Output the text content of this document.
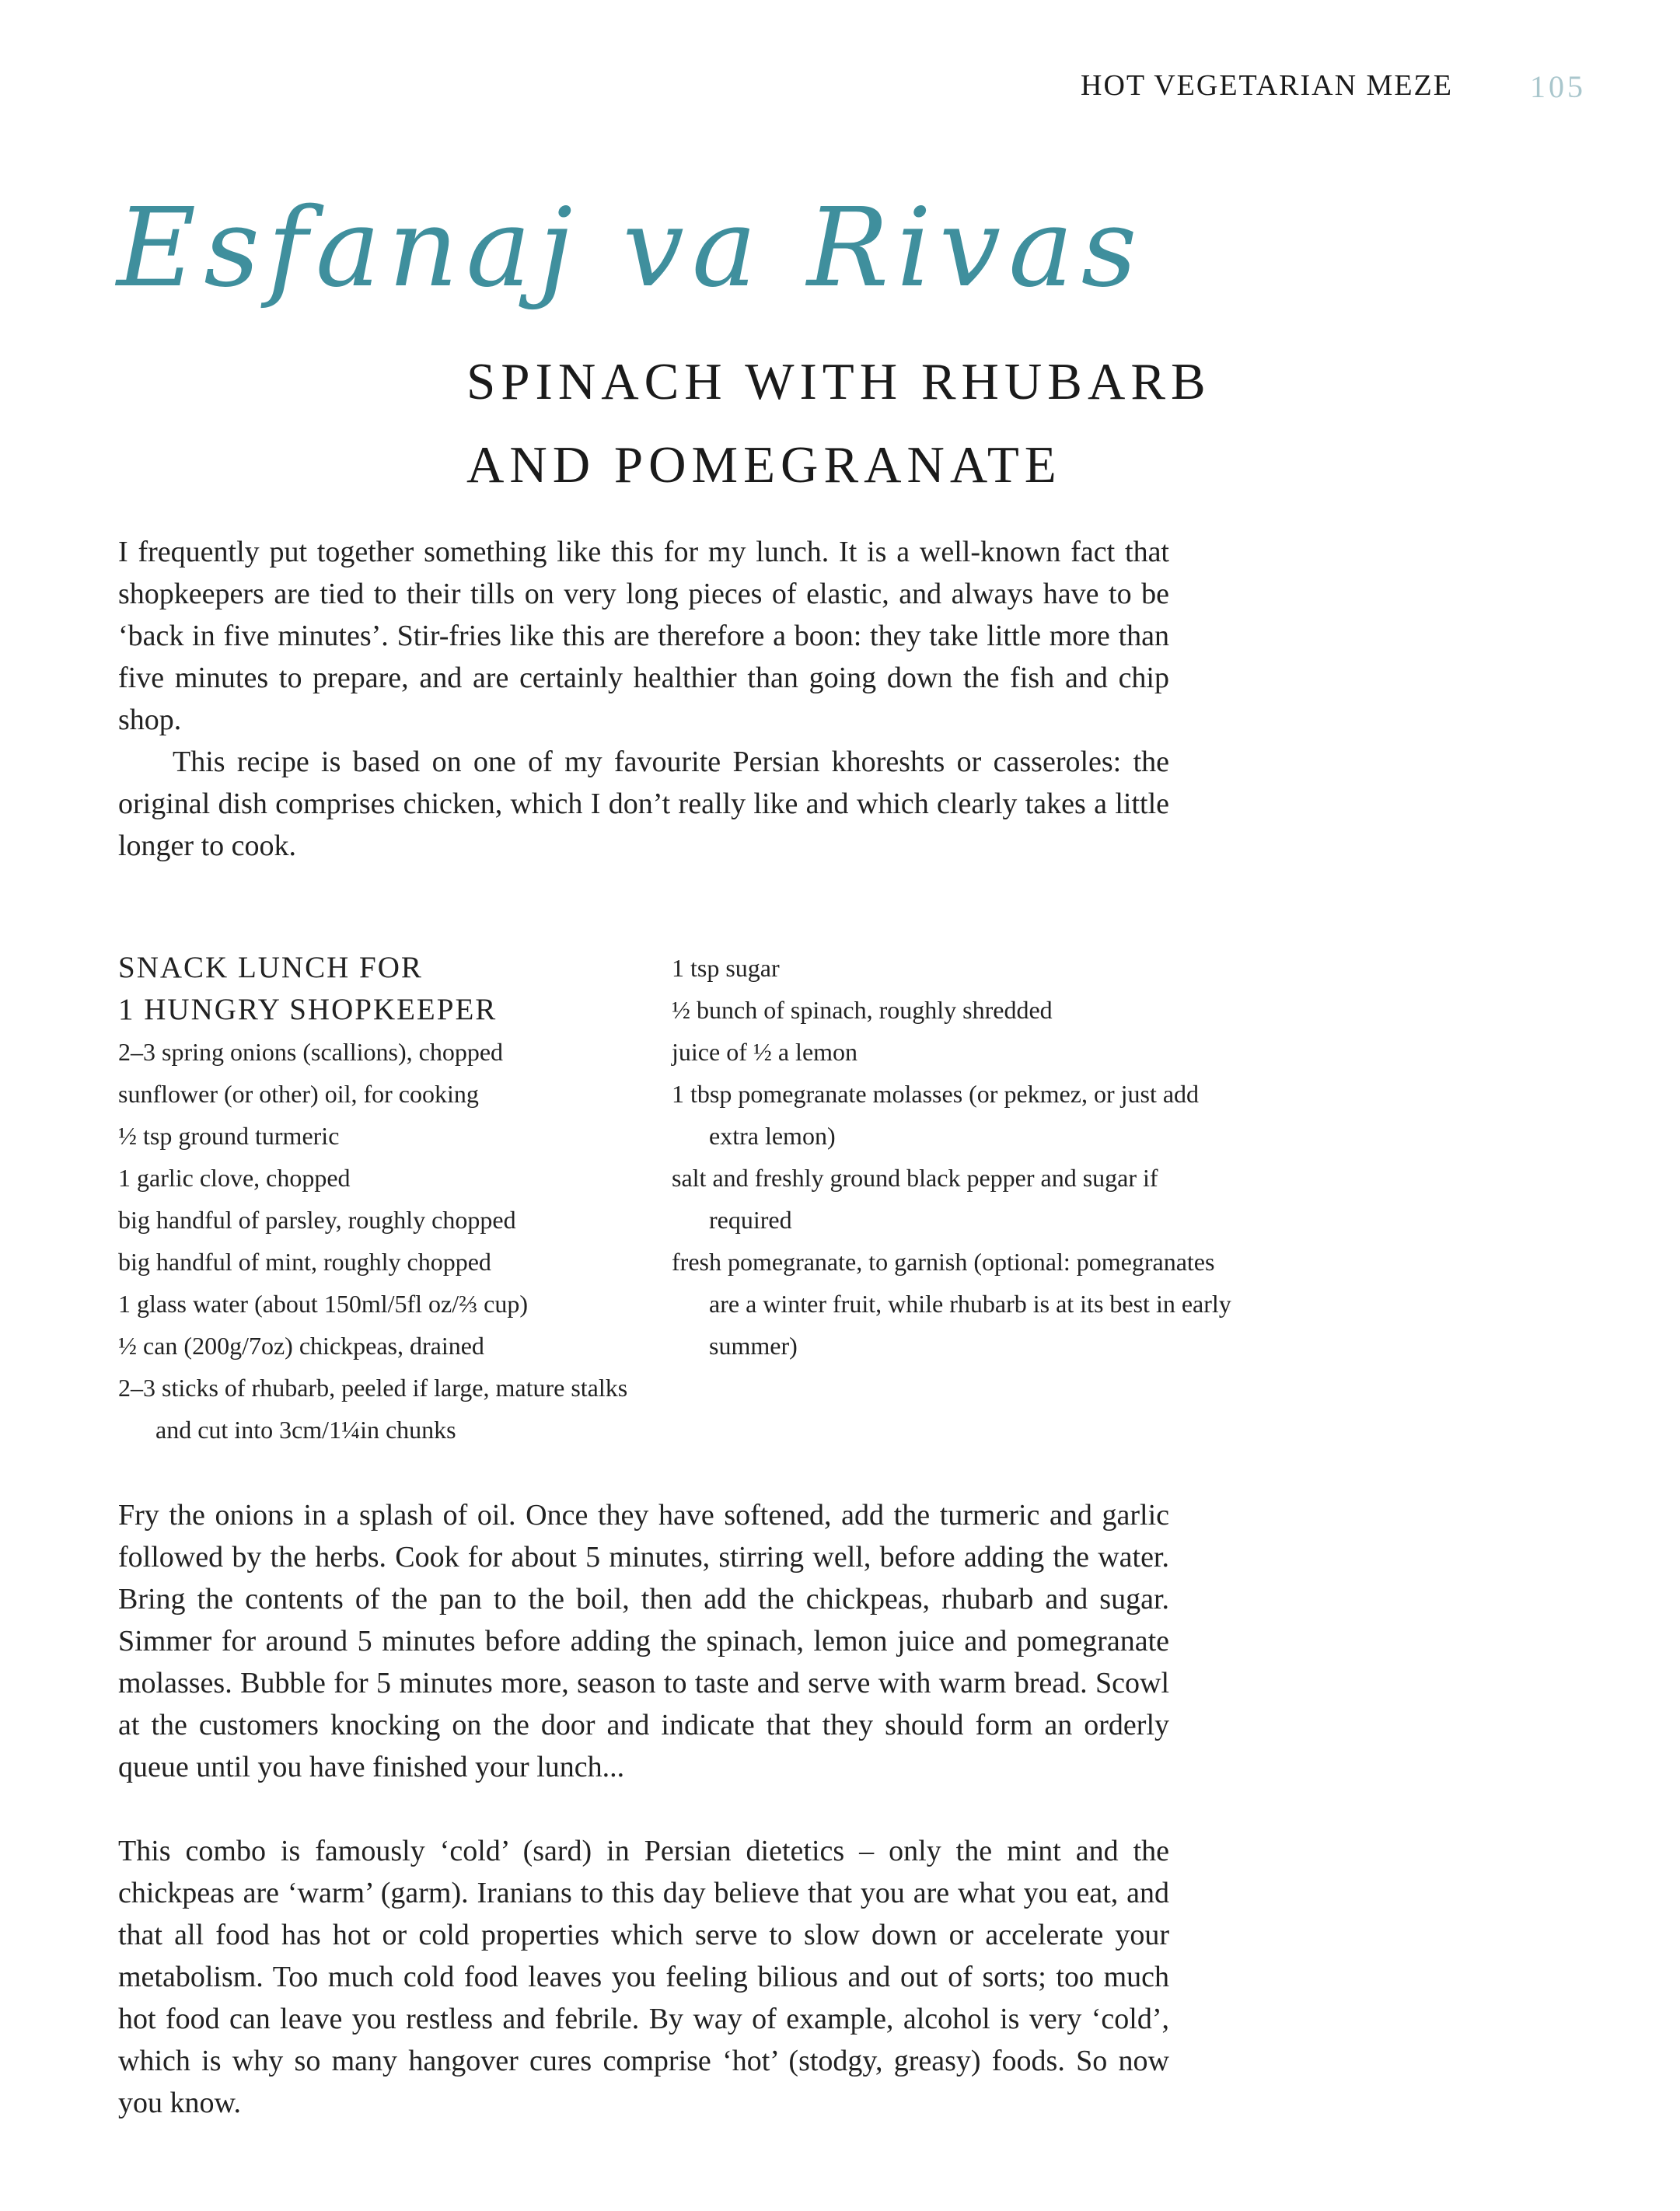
HOT VEGETARIAN MEZE 105
Esfanaj va Rivas
SPINACH WITH RHUBARB
AND POMEGRANATE

I frequently put together something like this for my lunch. It is a well-known fact that shopkeepers are tied to their tills on very long pieces of elastic, and always have to be ‘back in five minutes’. Stir-fries like this are therefore a boon: they take little more than five minutes to prepare, and are certainly healthier than going down the fish and chip shop.

This recipe is based on one of my favourite Persian khoreshts or casseroles: the original dish comprises chicken, which I don’t really like and which clearly takes a little longer to cook.

SNACK LUNCH FOR
1 HUNGRY SHOPKEEPER
2–3 spring onions (scallions), chopped
sunflower (or other) oil, for cooking
½ tsp ground turmeric
1 garlic clove, chopped
big handful of parsley, roughly chopped
big handful of mint, roughly chopped
1 glass water (about 150ml/5fl oz/⅔ cup)
½ can (200g/7oz) chickpeas, drained
2–3 sticks of rhubarb, peeled if large, mature stalks and cut into 3cm/1¼in chunks
1 tsp sugar
½ bunch of spinach, roughly shredded
juice of ½ a lemon
1 tbsp pomegranate molasses (or pekmez, or just add extra lemon)
salt and freshly ground black pepper and sugar if required
fresh pomegranate, to garnish (optional: pomegranates are a winter fruit, while rhubarb is at its best in early summer)

Fry the onions in a splash of oil. Once they have softened, add the turmeric and garlic followed by the herbs. Cook for about 5 minutes, stirring well, before adding the water. Bring the contents of the pan to the boil, then add the chickpeas, rhubarb and sugar. Simmer for around 5 minutes before adding the spinach, lemon juice and pomegranate molasses. Bubble for 5 minutes more, season to taste and serve with warm bread. Scowl at the customers knocking on the door and indicate that they should form an orderly queue until you have finished your lunch...

This combo is famously ‘cold’ (sard) in Persian dietetics – only the mint and the chickpeas are ‘warm’ (garm). Iranians to this day believe that you are what you eat, and that all food has hot or cold properties which serve to slow down or accelerate your metabolism. Too much cold food leaves you feeling bilious and out of sorts; too much hot food can leave you restless and febrile. By way of example, alcohol is very ‘cold’, which is why so many hangover cures comprise ‘hot’ (stodgy, greasy) foods. So now you know.
